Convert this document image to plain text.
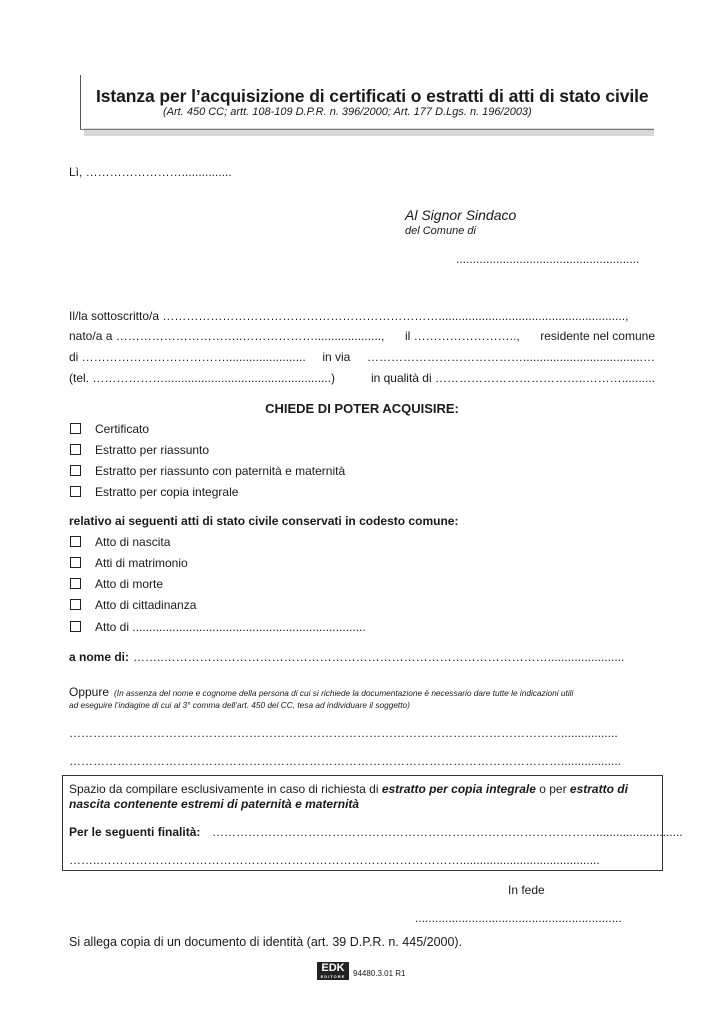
Istanza per l’acquisizione di certificati o estratti di atti di stato civile
(Art. 450 CC; artt. 108-109 D.P.R. n. 396/2000; Art. 177 D.Lgs. n. 196/2003)
Lì, ……………………...............
Al Signor Sindaco
del Comune di
.......................................................
Il/la sottoscritto/a ……………………………………………………………........................................................,
nato/a a …………………………..………………...................., il …………………….., residente nel comune
di ………………………………........................ in via …………………………………....................................…
(tel. ………………..................................................)	in qualità di ………………………………..………..........
CHIEDE DI POTER ACQUISIRE:
Certificato
Estratto per riassunto
Estratto per riassunto con paternità e maternità
Estratto per copia integrale
relativo ai seguenti atti di stato civile conservati in codesto comune:
Atto di nascita
Atti di matrimonio
Atto di morte
Atto di cittadinanza
Atto di ......................................................................
a nome di: ……..…………………………………………………………………………………….......................
Oppure (In assenza del nome e cognome della persona di cui si richiede la documentazione è necessario dare tutte le indicazioni utili
ad eseguire l’indagine di cui al 3° comma dell’art. 450 del CC, tesa ad individuare il soggetto)
…………………………………………………………………………………………………………….................
……………………………………………………………………………………………………………..................
Spazio da compilare esclusivamente in caso di richiesta di estratto per copia integrale o per estratto di
nascita contenente estremi di paternità e maternità
Per le seguenti finalità: ……………………………………………………………………………………..........................
……..………………………………………………………………………………..........................................
In fede
..............................................................
Si allega copia di un documento di identità (art. 39 D.P.R. n. 445/2000).
EDK
EDITORE 94480.3.01 R1
